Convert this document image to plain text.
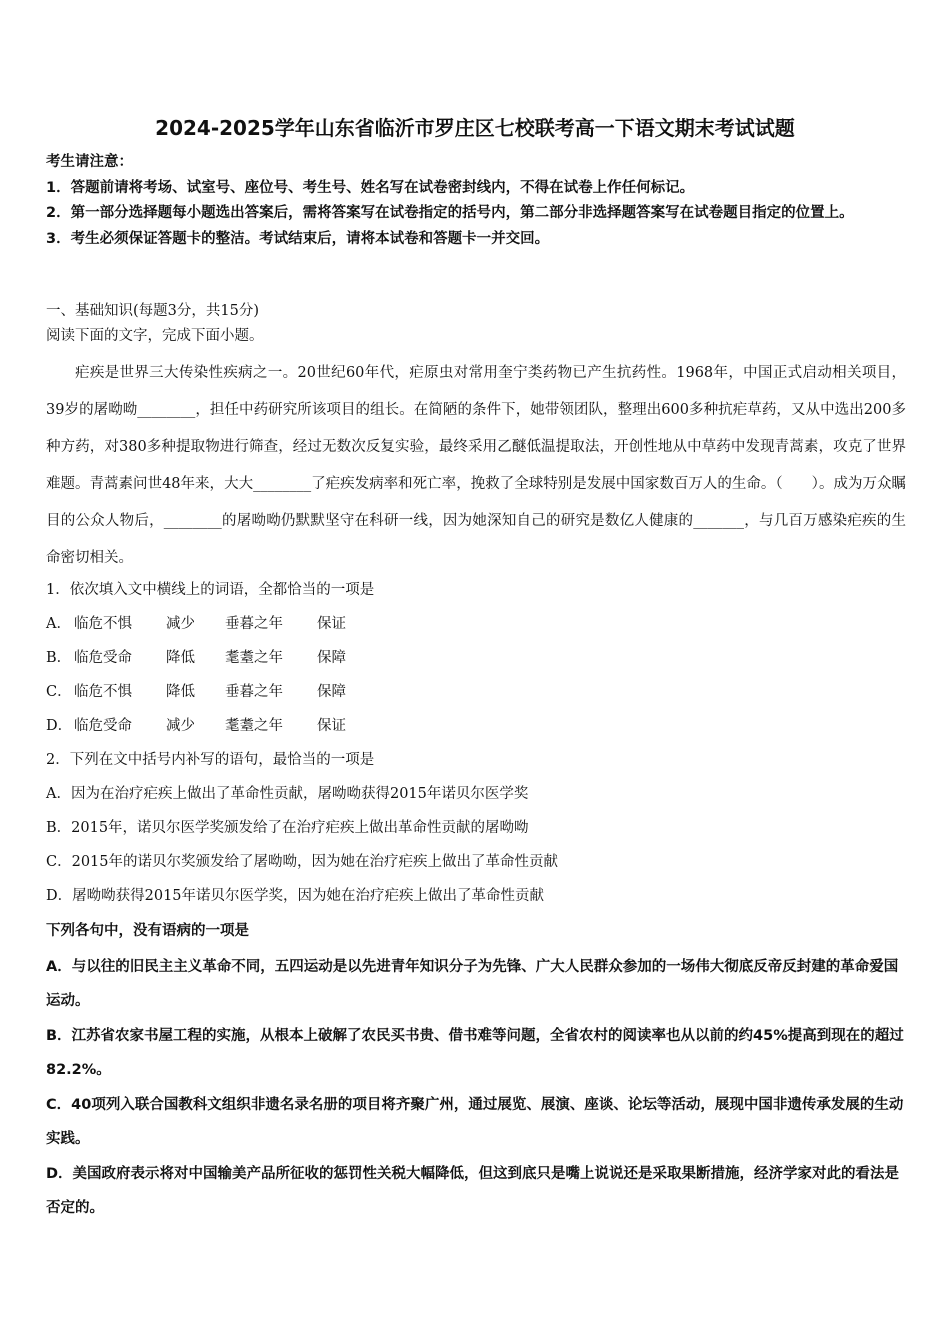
2024-2025学年山东省临沂市罗庄区七校联考高一下语文期末考试试题

考生请注意：

1．答题前请将考场、试室号、座位号、考生号、姓名写在试卷密封线内，不得在试卷上作任何标记。

2．第一部分选择题每小题选出答案后，需将答案写在试卷指定的括号内，第二部分非选择题答案写在试卷题目指定的位置上。

3．考生必须保证答题卡的整洁。考试结束后，请将本试卷和答题卡一并交回。

一、基础知识(每题3分，共15分)

阅读下面的文字，完成下面小题。

疟疾是世界三大传染性疾病之一。20世纪60年代，疟原虫对常用奎宁类药物已产生抗药性。1968年，中国正式启动相关项目，39岁的屠呦呦________，担任中药研究所该项目的组长。在简陋的条件下，她带领团队，整理出600多种抗疟草药，又从中选出200多种方药，对380多种提取物进行筛查，经过无数次反复实验，最终采用乙醚低温提取法，开创性地从中草药中发现青蒿素，攻克了世界难题。青蒿素问世48年来，大大________了疟疾发病率和死亡率，挽救了全球特别是发展中国家数百万人的生命。（　　）。成为万众瞩目的公众人物后，________的屠呦呦仍默默坚守在科研一线，因为她深知自己的研究是数亿人健康的_______，与几百万感染疟疾的生命密切相关。

1．依次填入文中横线上的词语，全都恰当的一项是
A． 临危不惧 减少 垂暮之年 保证
B． 临危受命 降低 耄耋之年 保障
C． 临危不惧 降低 垂暮之年 保障
D． 临危受命 减少 耄耋之年 保证
2．下列在文中括号内补写的语句，最恰当的一项是
A．因为在治疗疟疾上做出了革命性贡献，屠呦呦获得2015年诺贝尔医学奖
B．2015年，诺贝尔医学奖颁发给了在治疗疟疾上做出革命性贡献的屠呦呦
C．2015年的诺贝尔奖颁发给了屠呦呦，因为她在治疗疟疾上做出了革命性贡献
D．屠呦呦获得2015年诺贝尔医学奖，因为她在治疗疟疾上做出了革命性贡献

下列各句中，没有语病的一项是

A．与以往的旧民主主义革命不同，五四运动是以先进青年知识分子为先锋、广大人民群众参加的一场伟大彻底反帝反封建的革命爱国运动。

B．江苏省农家书屋工程的实施，从根本上破解了农民买书贵、借书难等问题，全省农村的阅读率也从以前的约45%提高到现在的超过82.2%。

C．40项列入联合国教科文组织非遗名录名册的项目将齐聚广州，通过展览、展演、座谈、论坛等活动，展现中国非遗传承发展的生动实践。

D．美国政府表示将对中国输美产品所征收的惩罚性关税大幅降低，但这到底只是嘴上说说还是采取果断措施，经济学家对此的看法是否定的。
